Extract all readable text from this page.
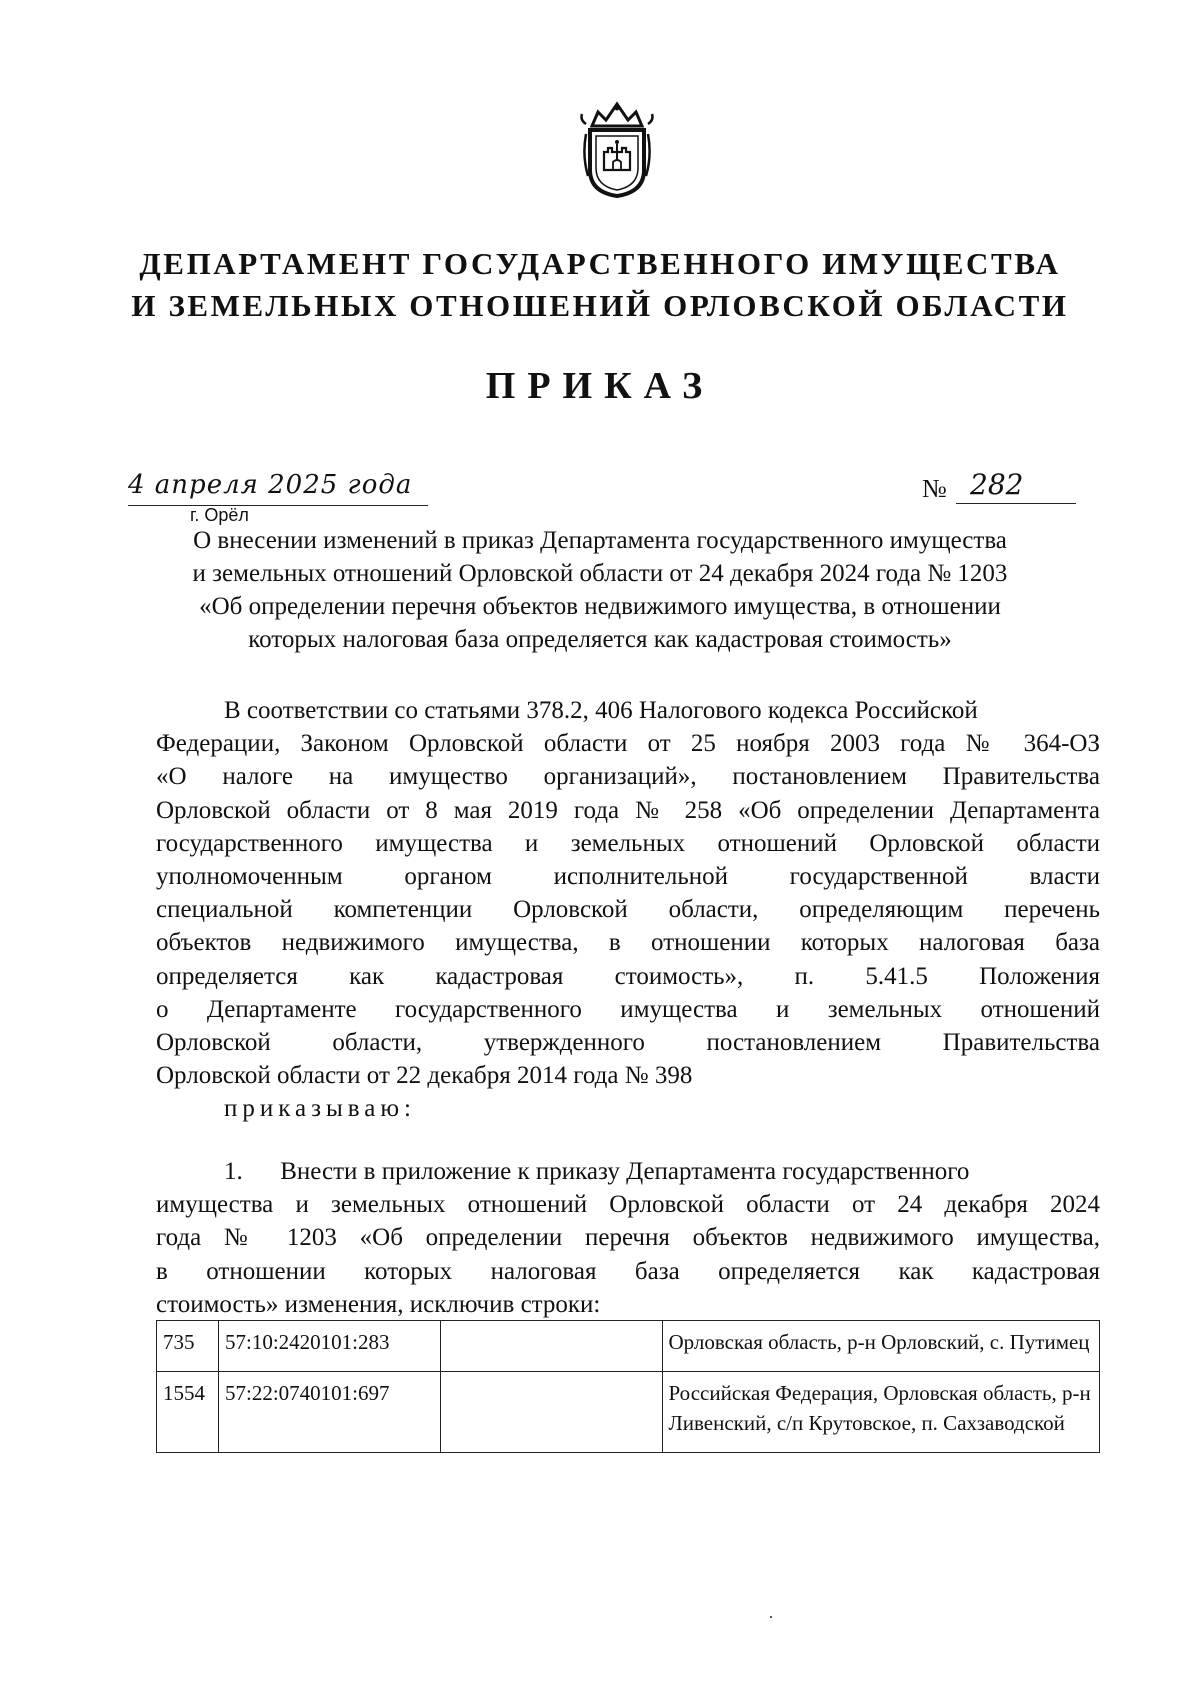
ДЕПАРТАМЕНТ ГОСУДАРСТВЕННОГО ИМУЩЕСТВА
И ЗЕМЕЛЬНЫХ ОТНОШЕНИЙ ОРЛОВСКОЙ ОБЛАСТИ
ПРИКАЗ
4 апреля 2025 года
г. Орёл
№ 282
О внесении изменений в приказ Департамента государственного имущества
и земельных отношений Орловской области от 24 декабря 2024 года № 1203
«Об определении перечня объектов недвижимого имущества, в отношении
которых налоговая база определяется как кадастровая стоимость»
В соответствии со статьями 378.2, 406 Налогового кодекса Российской
Федерации, Законом Орловской области от 25 ноября 2003 года № 364-ОЗ
«О налоге на имущество организаций», постановлением Правительства
Орловской области от 8 мая 2019 года № 258 «Об определении Департамента
государственного имущества и земельных отношений Орловской области
уполномоченным органом исполнительной государственной власти
специальной компетенции Орловской области, определяющим перечень
объектов недвижимого имущества, в отношении которых налоговая база
определяется как кадастровая стоимость», п. 5.41.5 Положения
о Департаменте государственного имущества и земельных отношений
Орловской области, утвержденного постановлением Правительства
Орловской области от 22 декабря 2014 года № 398
приказываю:
1.      Внести в приложение к приказу Департамента государственного
имущества и земельных отношений Орловской области от 24 декабря 2024
года № 1203 «Об определении перечня объектов недвижимого имущества,
в отношении которых налоговая база определяется как кадастровая
стоимость» изменения, исключив строки:
735	57:10:2420101:283		Орловская область, р-н Орловский, с. Путимец
1554	57:22:0740101:697		Российская Федерация, Орловская область, р-н Ливенский, с/п Крутовское, п. Сахзаводской
